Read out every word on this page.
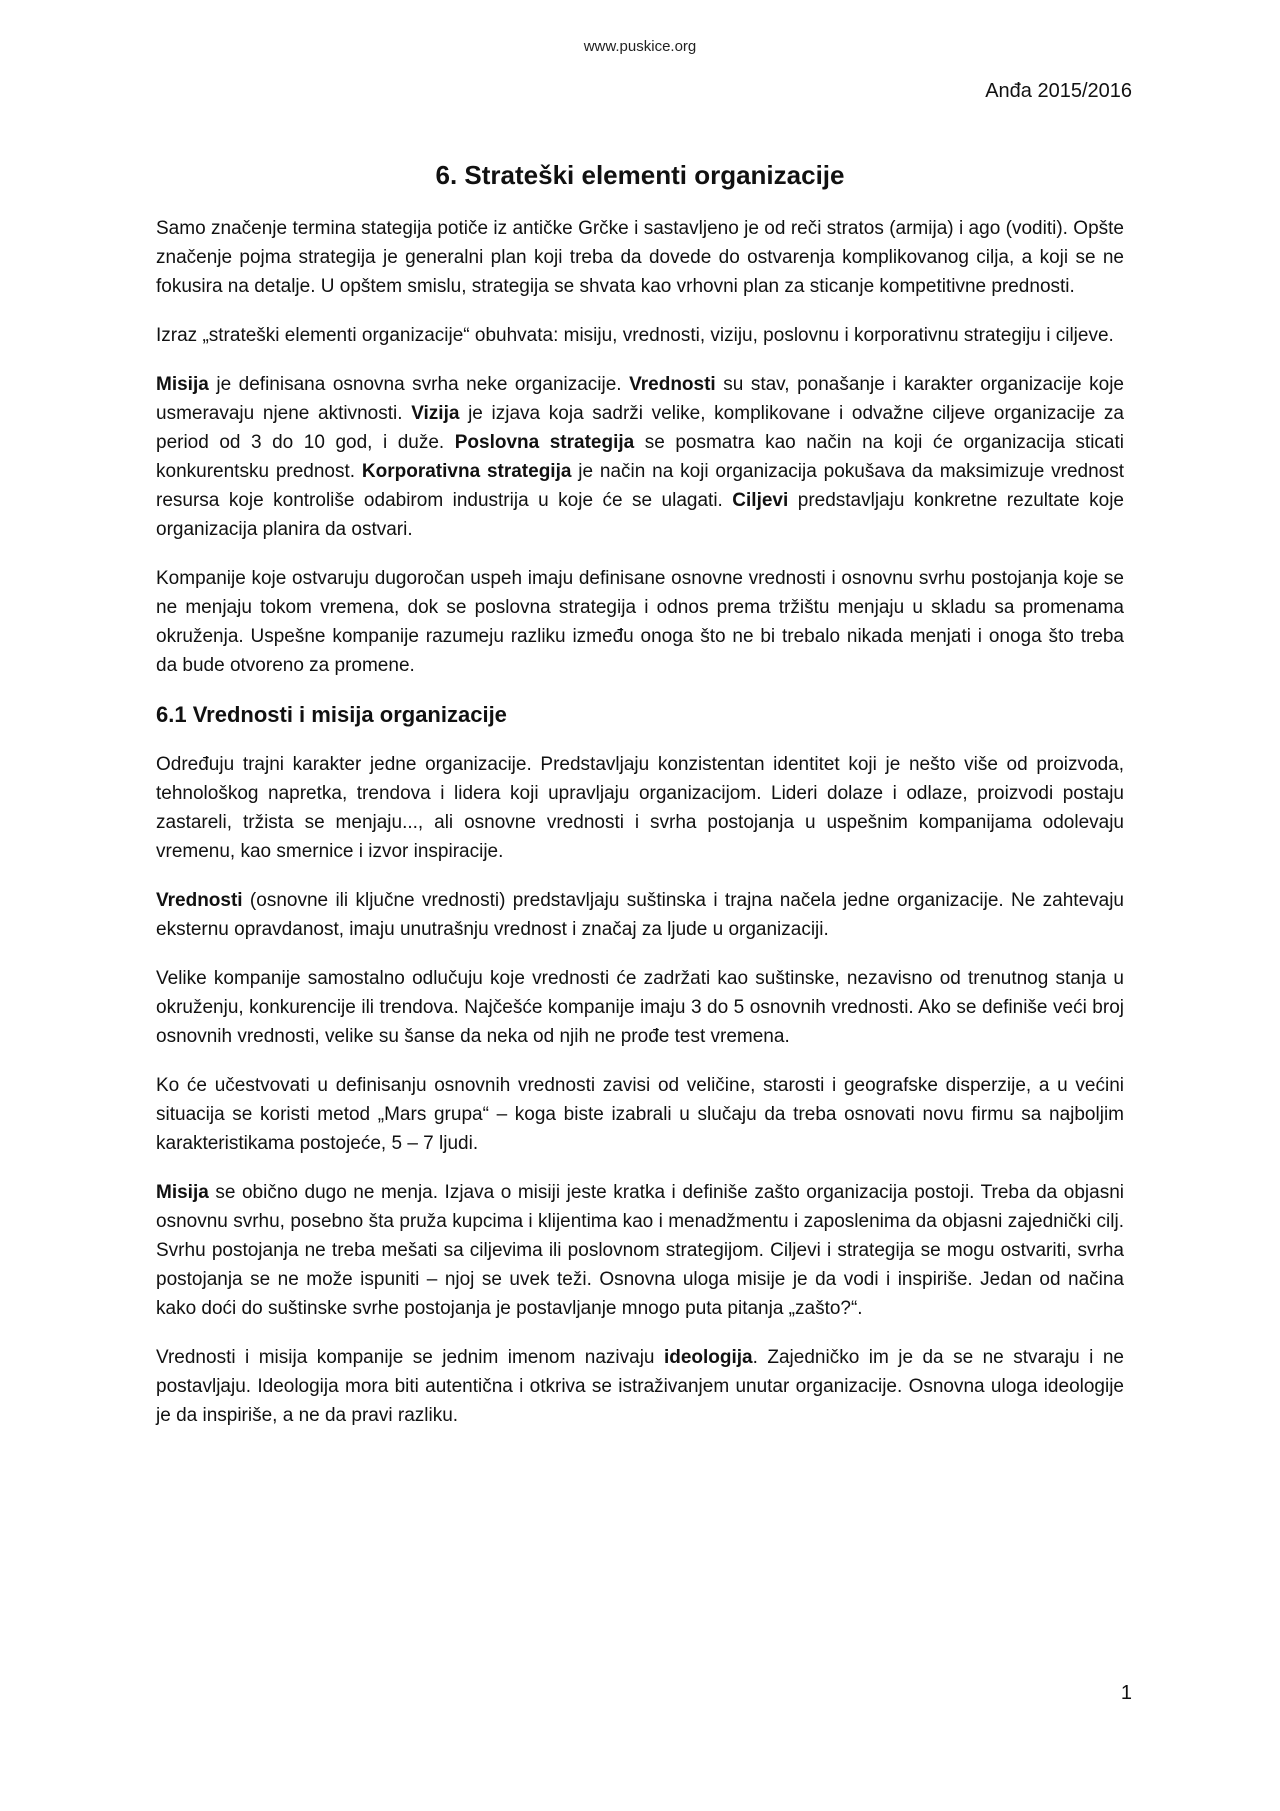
www.puskice.org
Anđa 2015/2016
6. Strateški elementi organizacije

Samo značenje termina stategija potiče iz antičke Grčke i sastavljeno je od reči stratos (armija) i ago (voditi). Opšte značenje pojma strategija je generalni plan koji treba da dovede do ostvarenja komplikovanog cilja, a koji se ne fokusira na detalje. U opštem smislu, strategija se shvata kao vrhovni plan za sticanje kompetitivne prednosti.

Izraz „strateški elementi organizacije“ obuhvata: misiju, vrednosti, viziju, poslovnu i korporativnu strategiju i ciljeve.

Misija je definisana osnovna svrha neke organizacije. Vrednosti su stav, ponašanje i karakter organizacije koje usmeravaju njene aktivnosti. Vizija je izjava koja sadrži velike, komplikovane i odvažne ciljeve organizacije za period od 3 do 10 god, i duže. Poslovna strategija se posmatra kao način na koji će organizacija sticati konkurentsku prednost. Korporativna strategija je način na koji organizacija pokušava da maksimizuje vrednost resursa koje kontroliše odabirom industrija u koje će se ulagati. Ciljevi predstavljaju konkretne rezultate koje organizacija planira da ostvari.

Kompanije koje ostvaruju dugoročan uspeh imaju definisane osnovne vrednosti i osnovnu svrhu postojanja koje se ne menjaju tokom vremena, dok se poslovna strategija i odnos prema tržištu menjaju u skladu sa promenama okruženja. Uspešne kompanije razumeju razliku između onoga što ne bi trebalo nikada menjati i onoga što treba da bude otvoreno za promene.

6.1 Vrednosti i misija organizacije

Određuju trajni karakter jedne organizacije. Predstavljaju konzistentan identitet koji je nešto više od proizvoda, tehnološkog napretka, trendova i lidera koji upravljaju organizacijom. Lideri dolaze i odlaze, proizvodi postaju zastareli, tržista se menjaju..., ali osnovne vrednosti i svrha postojanja u uspešnim kompanijama odolevaju vremenu, kao smernice i izvor inspiracije.

Vrednosti (osnovne ili ključne vrednosti) predstavljaju suštinska i trajna načela jedne organizacije. Ne zahtevaju eksternu opravdanost, imaju unutrašnju vrednost i značaj za ljude u organizaciji.

Velike kompanije samostalno odlučuju koje vrednosti će zadržati kao suštinske, nezavisno od trenutnog stanja u okruženju, konkurencije ili trendova. Najčešće kompanije imaju 3 do 5 osnovnih vrednosti. Ako se definiše veći broj osnovnih vrednosti, velike su šanse da neka od njih ne prođe test vremena.

Ko će učestvovati u definisanju osnovnih vrednosti zavisi od veličine, starosti i geografske disperzije, a u većini situacija se koristi metod „Mars grupa“ – koga biste izabrali u slučaju da treba osnovati novu firmu sa najboljim karakteristikama postojeće, 5 – 7 ljudi.

Misija se obično dugo ne menja. Izjava o misiji jeste kratka i definiše zašto organizacija postoji. Treba da objasni osnovnu svrhu, posebno šta pruža kupcima i klijentima kao i menadžmentu i zaposlenima da objasni zajednički cilj. Svrhu postojanja ne treba mešati sa ciljevima ili poslovnom strategijom. Ciljevi i strategija se mogu ostvariti, svrha postojanja se ne može ispuniti – njoj se uvek teži. Osnovna uloga misije je da vodi i inspiriše. Jedan od načina kako doći do suštinske svrhe postojanja je postavljanje mnogo puta pitanja „zašto?“.

Vrednosti i misija kompanije se jednim imenom nazivaju ideologija. Zajedničko im je da se ne stvaraju i ne postavljaju. Ideologija mora biti autentična i otkriva se istraživanjem unutar organizacije. Osnovna uloga ideologije je da inspiriše, a ne da pravi razliku.

1
